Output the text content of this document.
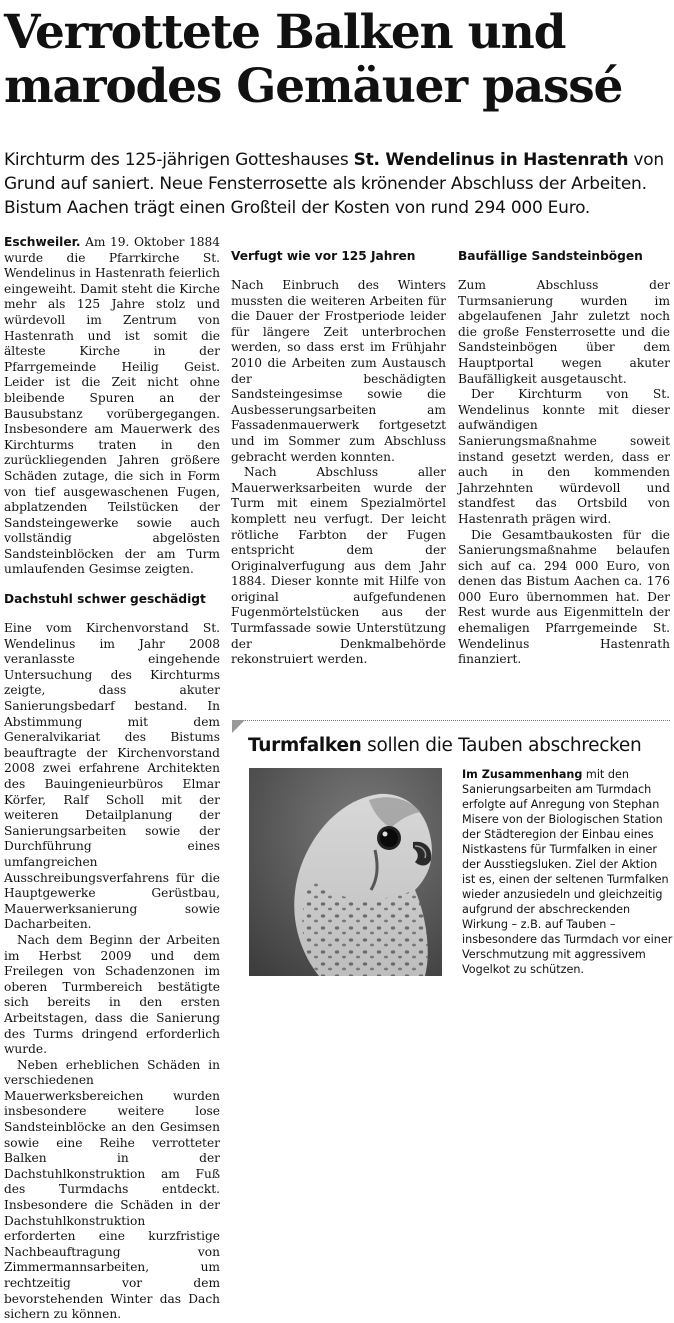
Verrottete Balken und
marodes Gemäuer passé
Kirchturm des 125-jährigen Gotteshauses St. Wendelinus in Hastenrath von
Grund auf saniert. Neue Fensterrosette als krönender Abschluss der Arbeiten.
Bistum Aachen trägt einen Großteil der Kosten von rund 294 000 Euro.

Eschweiler. Am 19. Oktober 1884 wurde die Pfarrkirche St. Wendelinus in Hastenrath feierlich eingeweiht. Damit steht die Kirche mehr als 125 Jahre stolz und würdevoll im Zentrum von Hastenrath und ist somit die älteste Kirche in der Pfarrgemeinde Heilig Geist. Leider ist die Zeit nicht ohne bleibende Spuren an der Bausubstanz vorübergegangen. Insbesondere am Mauerwerk des Kirchturms traten in den zurückliegenden Jahren größere Schäden zutage, die sich in Form von tief ausgewaschenen Fugen, abplatzenden Teilstücken der Sandsteingewerke sowie auch vollständig abgelösten Sandsteinblöcken der am Turm umlaufenden Gesimse zeigten.

Dachstuhl schwer geschädigt

Eine vom Kirchenvorstand St. Wendelinus im Jahr 2008 veranlasste eingehende Untersuchung des Kirchturms zeigte, dass akuter Sanierungsbedarf bestand. In Abstimmung mit dem Generalvikariat des Bistums beauftragte der Kirchenvorstand 2008 zwei erfahrene Architekten des Bauingenieurbüros Elmar Körfer, Ralf Scholl mit der weiteren Detailplanung der Sanierungsarbeiten sowie der Durchführung eines umfangreichen Ausschreibungsverfahrens für die Hauptgewerke Gerüstbau, Mauerwerksanierung sowie Dacharbeiten.

Nach dem Beginn der Arbeiten im Herbst 2009 und dem Freilegen von Schadenzonen im oberen Turmbereich bestätigte sich bereits in den ersten Arbeitstagen, dass die Sanierung des Turms dringend erforderlich wurde.

Neben erheblichen Schäden in verschiedenen Mauerwerksbereichen wurden insbesondere weitere lose Sandsteinblöcke an den Gesimsen sowie eine Reihe verrotteter Balken in der Dachstuhlkonstruktion am Fuß des Turmdachs entdeckt. Insbesondere die Schäden in der Dachstuhlkonstruktion erforderten eine kurzfristige Nachbeauftragung von Zimmermannsarbeiten, um rechtzeitig vor dem bevorstehenden Winter das Dach sichern zu können.

Verfugt wie vor 125 Jahren

Nach Einbruch des Winters mussten die weiteren Arbeiten für die Dauer der Frostperiode leider für längere Zeit unterbrochen werden, so dass erst im Frühjahr 2010 die Arbeiten zum Austausch der beschädigten Sandsteingesimse sowie die Ausbesserungsarbeiten am Fassadenmauerwerk fortgesetzt und im Sommer zum Abschluss gebracht werden konnten.

Nach Abschluss aller Mauerwerksarbeiten wurde der Turm mit einem Spezialmörtel komplett neu verfugt. Der leicht rötliche Farbton der Fugen entspricht dem der Originalverfugung aus dem Jahr 1884. Dieser konnte mit Hilfe von original aufgefundenen Fugenmörtelstücken aus der Turmfassade sowie Unterstützung der Denkmalbehörde rekonstruiert werden.

Baufällige Sandsteinbögen

Zum Abschluss der Turmsanierung wurden im abgelaufenen Jahr zuletzt noch die große Fensterrosette und die Sandsteinbögen über dem Hauptportal wegen akuter Baufälligkeit ausgetauscht.

Der Kirchturm von St. Wendelinus konnte mit dieser aufwändigen Sanierungsmaßnahme soweit instand gesetzt werden, dass er auch in den kommenden Jahrzehnten würdevoll und standfest das Ortsbild von Hastenrath prägen wird.

Die Gesamtbaukosten für die Sanierungsmaßnahme belaufen sich auf ca. 294 000 Euro, von denen das Bistum Aachen ca. 176 000 Euro übernommen hat. Der Rest wurde aus Eigenmitteln der ehemaligen Pfarrgemeinde St. Wendelinus Hastenrath finanziert.

Turmfalken sollen die Tauben abschrecken
Im Zusammenhang mit den Sanierungsarbeiten am Turmdach erfolgte auf Anregung von Stephan Misere von der Biologischen Station der Städteregion der Einbau eines Nistkastens für Turmfalken in einer der Ausstiegsluken. Ziel der Aktion ist es, einen der seltenen Turmfalken wieder anzusiedeln und gleichzeitig aufgrund der abschreckenden Wirkung – z.B. auf Tauben – insbesondere das Turmdach vor einer Verschmutzung mit aggressivem Vogelkot zu schützen.
